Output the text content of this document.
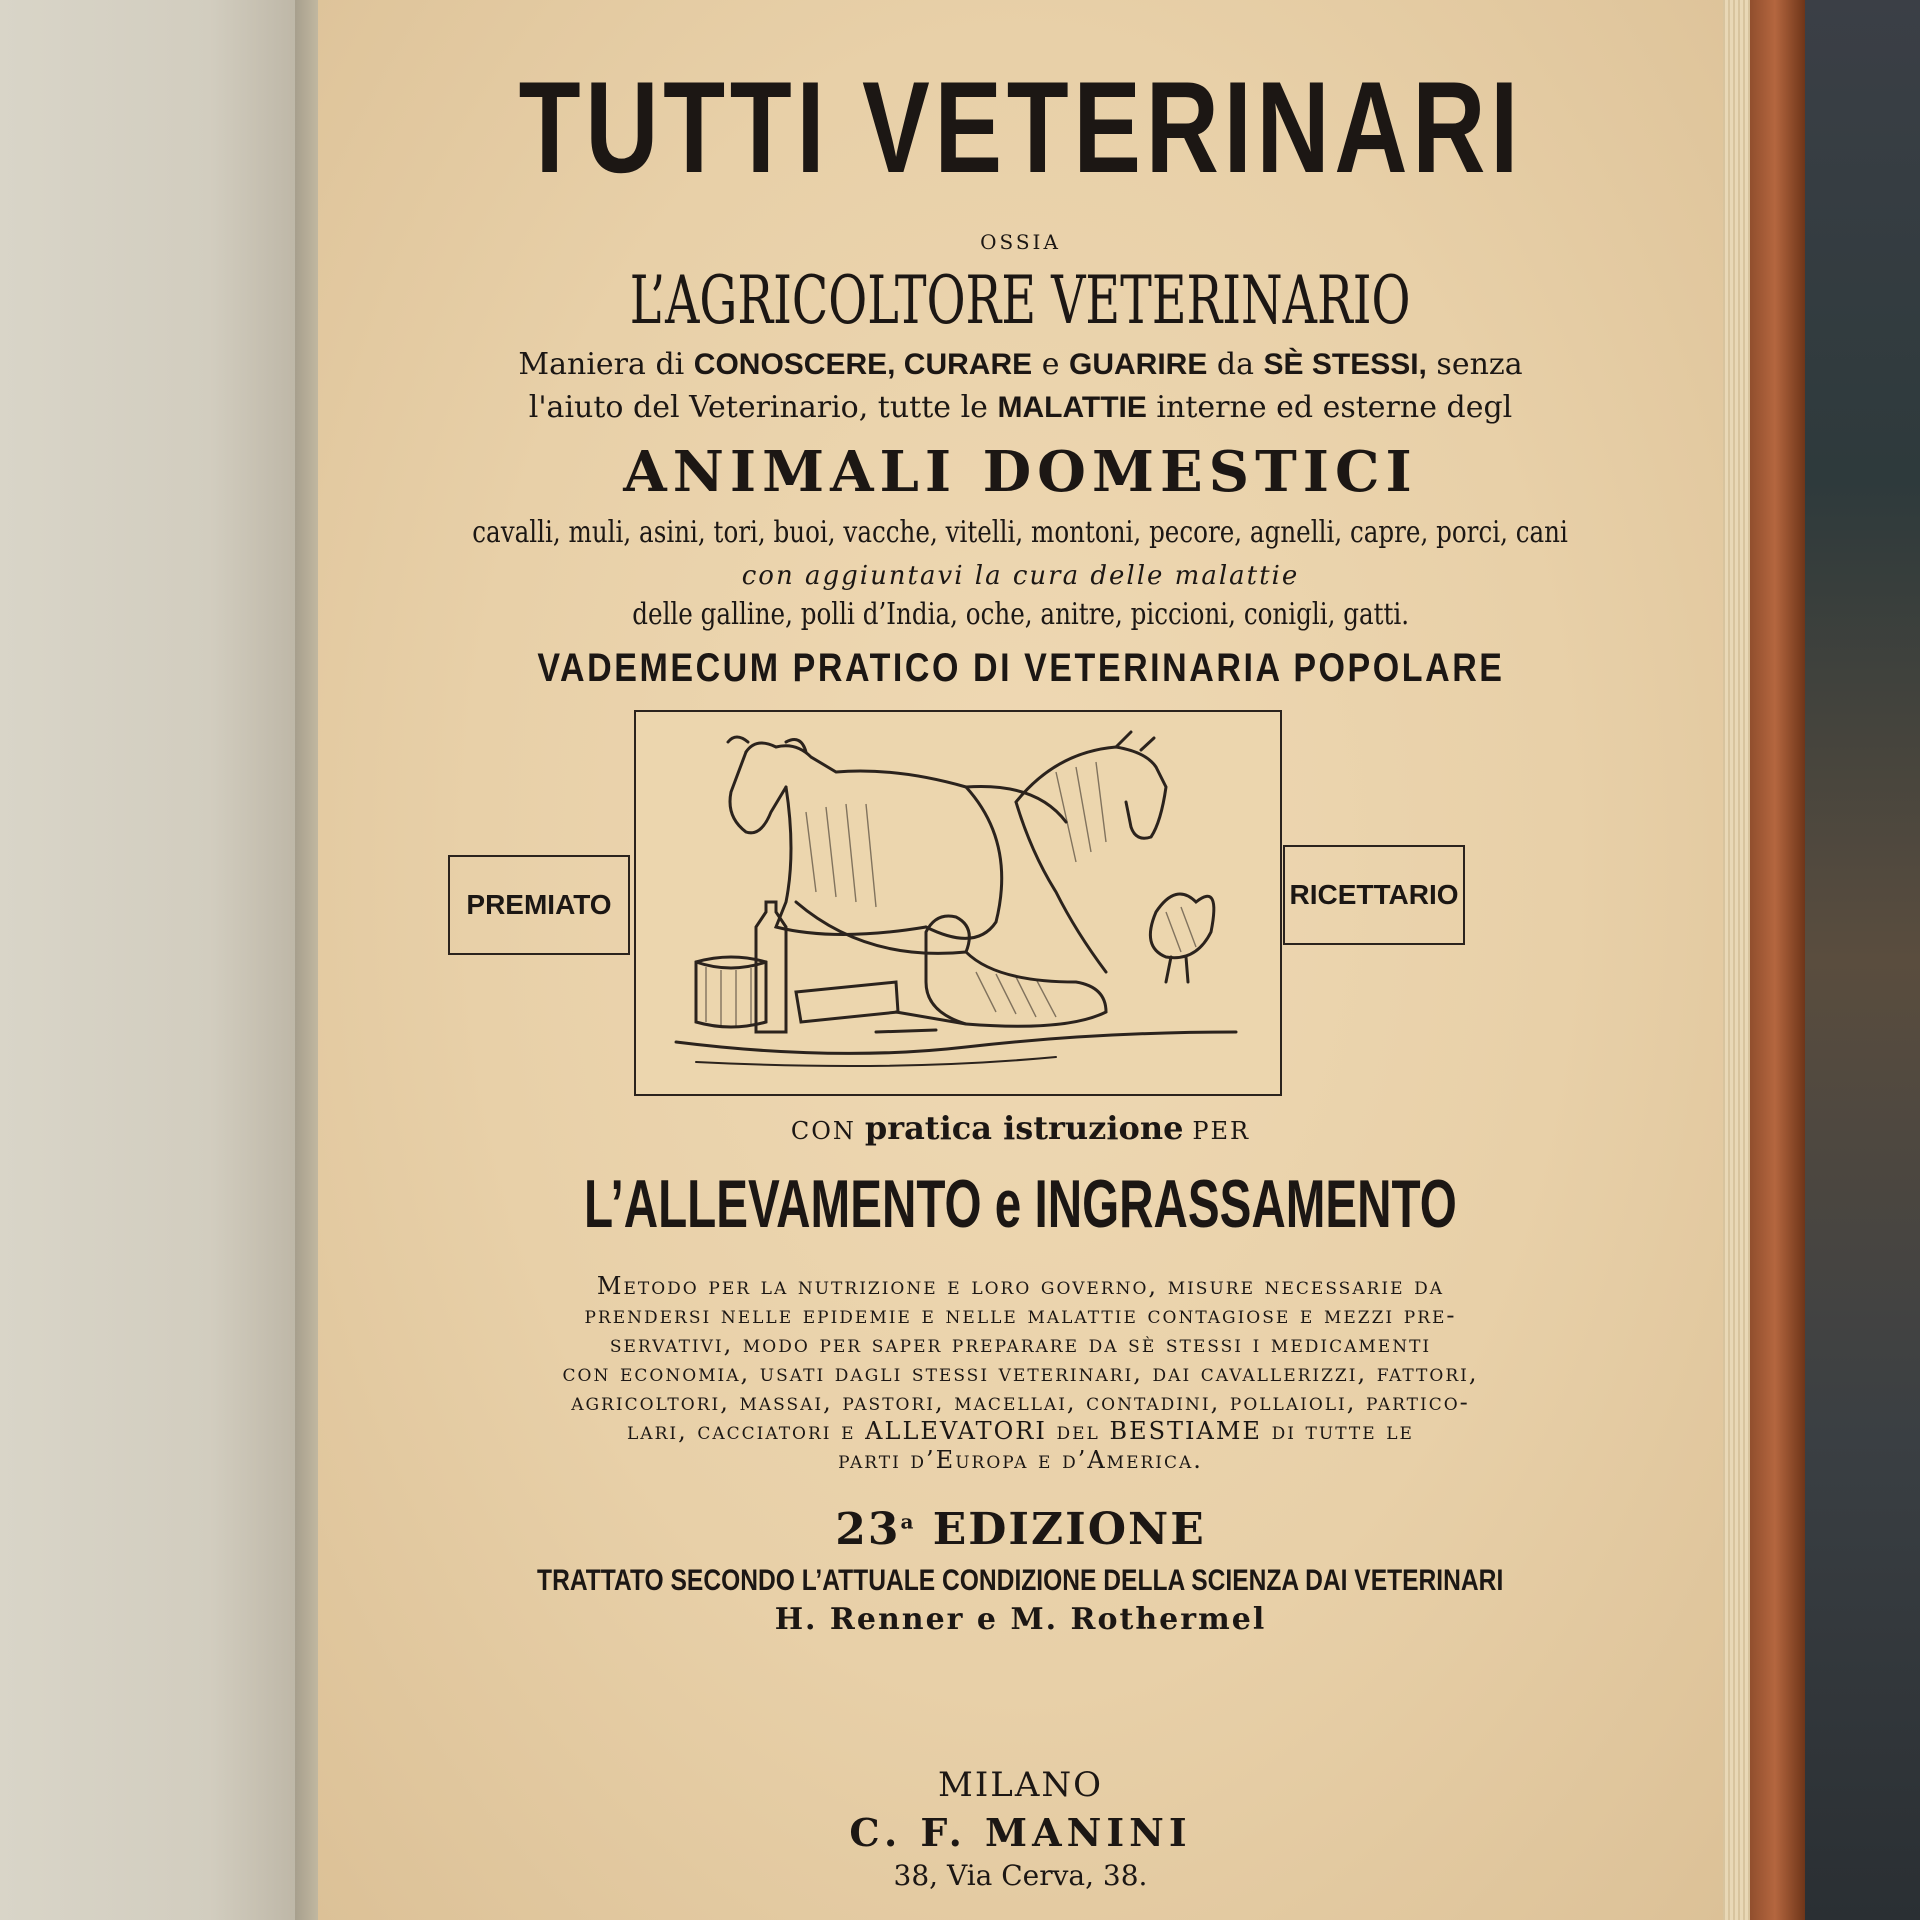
TUTTI VETERINARI
OSSIA
L’AGRICOLTORE VETERINARIO
Maniera di CONOSCERE, CURARE e GUARIRE da SÈ STESSI, senza
l'aiuto del Veterinario, tutte le MALATTIE interne ed esterne degl
ANIMALI DOMESTICI
cavalli, muli, asini, tori, buoi, vacche, vitelli, montoni, pecore, agnelli, capre, porci, cani
con aggiuntavi la cura delle malattie
delle galline, polli d’India, oche, anitre, piccioni, conigli, gatti.
VADEMECUM PRATICO DI VETERINARIA POPOLARE
PREMIATO	RICETTARIO
CON pratica istruzione PER
L’ALLEVAMENTO e INGRASSAMENTO
Metodo per la nutrizione e loro governo, misure necessarie da
prendersi nelle epidemie e nelle malattie contagiose e mezzi pre-
servativi, modo per saper preparare da sè stessi i medicamenti
con economia, usati dagli stessi veterinari, dai cavallerizzi, fattori,
agricoltori, massai, pastori, macellai, contadini, pollaioli, partico-
lari, cacciatori e ALLEVATORI del BESTIAME di tutte le
parti d’Europa e d’America.
23$^a$ EDIZIONE
TRATTATO SECONDO L’ATTUALE CONDIZIONE DELLA SCIENZA DAI VETERINARI
H. Renner e M. Rothermel
MILANO
C. F. MANINI
38, Via Cerva, 38.
